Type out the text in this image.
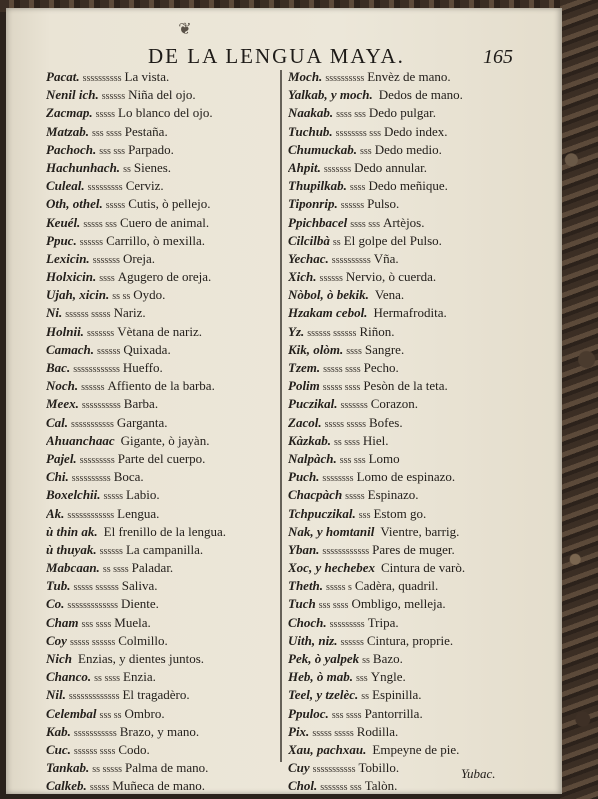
❦
DE LA LENGUA MAYA.	165
Pacat. ssssssssss La vista.
Nenil ich. ssssss Niña del ojo.
Zacmap. sssss Lo blanco del ojo.
Matzab. sss ssss Pestaña.
Pachoch. sss sss Parpado.
Hachunhach. ss Sienes.
Culeal. sssssssss Cerviz.
Oth, othel. sssss Cutis, ò pellejo.
Keuél. sssss sss Cuero de animal.
Ppuc. ssssss Carrillo, ò mexilla.
Lexicin. sssssss Oreja.
Holxicin. ssss Agugero de oreja.
Ujah, xicin. ss ss Oydo.
Ni. ssssss sssss Nariz.
Holnii. sssssss Vètana de nariz.
Camach. ssssss Quixada.
Bac. ssssssssssss Hueffo.
Noch. ssssss Affiento de la barba.
Meex. ssssssssss Barba.
Cal. sssssssssss Garganta.
Ahuanchaac Gigante, ò jayàn.
Pajel. sssssssss Parte del cuerpo.
Chi. ssssssssss Boca.
Boxelchii. sssss Labio.
Ak. ssssssssssss Lengua.
ù thin ak. El frenillo de la lengua.
ù thuyak. ssssss La campanilla.
Mabcaan. ss ssss Paladar.
Tub. sssss ssssss Saliva.
Co. sssssssssssss Diente.
Cham sss ssss Muela.
Coy sssss ssssss Colmillo.
Nich Enzias, y dientes juntos.
Chanco. ss ssss Enzia.
Nil. sssssssssssss El tragadèro.
Celembal sss ss Ombro.
Kab. sssssssssss Brazo, y mano.
Cuc. ssssss ssss Codo.
Tankab. ss sssss Palma de mano.
Calkeb. sssss Muñeca de mano.
Moch. ssssssssss Envèz de mano.
Yalkab, y moch. Dedos de mano.
Naakab. ssss sss Dedo pulgar.
Tuchub. ssssssss sss Dedo index.
Chumuckab. sss Dedo medio.
Ahpit. sssssss Dedo annular.
Thupilkab. ssss Dedo meñique.
Tiponrip. ssssss Pulso.
Ppichbacel ssss sss Artèjos.
Cilcilbà ss El golpe del Pulso.
Yechac. ssssssssss Vña.
Xich. ssssss Nervio, ò cuerda.
Nòbol, ò bekik. Vena.
Hzakam cebol. Hermafrodita.
Yz. ssssss ssssss Riñon.
Kik, olòm. ssss Sangre.
Tzem. sssss ssss Pecho.
Polim sssss ssss Pesòn de la teta.
Puczikal. sssssss Corazon.
Zacol. sssss sssss Bofes.
Kàzkab. ss ssss Hiel.
Nalpàch. sss sss Lomo
Puch. ssssssss Lomo de espinazo.
Chacpàch sssss Espinazo.
Tchpuczikal. sss Estom go.
Nak, y homtanil Vientre, barrig.
Yban. ssssssssssss Pares de muger.
Xoc, y hechebex Cintura de varò.
Theth. sssss s Cadèra, quadril.
Tuch sss ssss Ombligo, melleja.
Choch. sssssssss Tripa.
Uith, niz. ssssss Cintura, proprie.
Pek, ò yalpek ss Bazo.
Heb, ò mab. sss Yngle.
Teel, y tzelèc. ss Espinilla.
Ppuloc. sss ssss Pantorrilla.
Pix. sssss sssss Rodilla.
Xau, pachxau. Empeyne de pie.
Cuy sssssssssss Tobillo.
Chol. sssssss sss Talòn.
Yubac.
